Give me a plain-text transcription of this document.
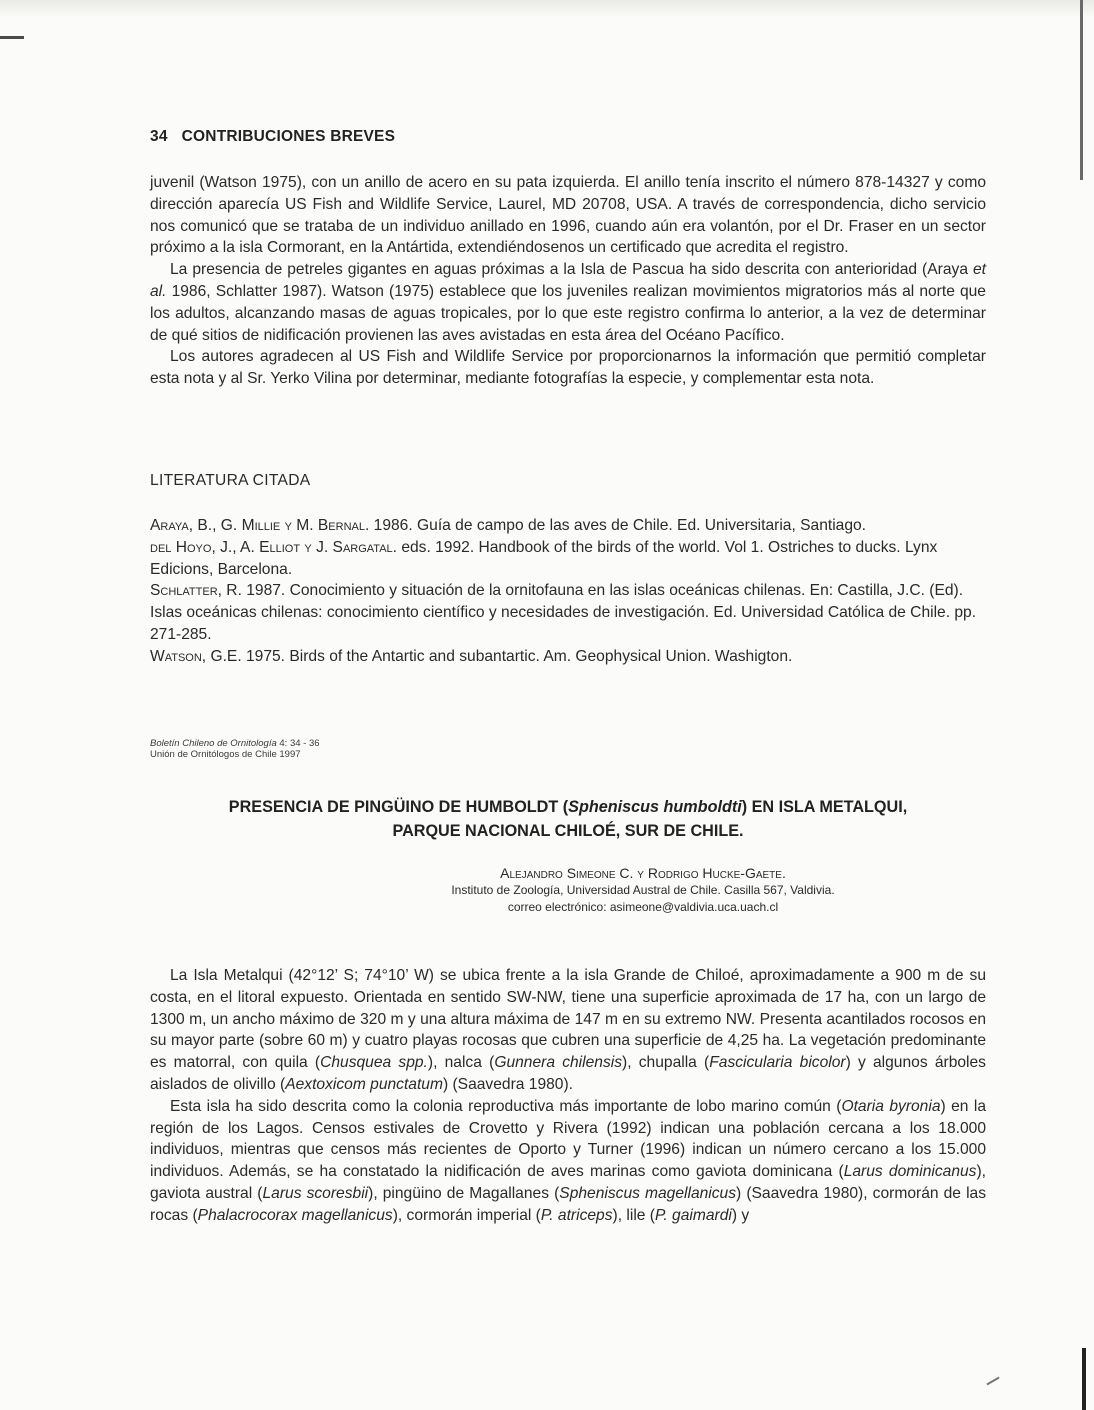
34 CONTRIBUCIONES BREVES

juvenil (Watson 1975), con un anillo de acero en su pata izquierda. El anillo tenía inscrito el número 878-14327 y como dirección aparecía US Fish and Wildlife Service, Laurel, MD 20708, USA. A través de correspondencia, dicho servicio nos comunicó que se trataba de un individuo anillado en 1996, cuando aún era volantón, por el Dr. Fraser en un sector próximo a la isla Cormorant, en la Antártida, extendiéndosenos un certificado que acredita el registro.

La presencia de petreles gigantes en aguas próximas a la Isla de Pascua ha sido descrita con anterioridad (Araya et al. 1986, Schlatter 1987). Watson (1975) establece que los juveniles realizan movimientos migratorios más al norte que los adultos, alcanzando masas de aguas tropicales, por lo que este registro confirma lo anterior, a la vez de determinar de qué sitios de nidificación provienen las aves avistadas en esta área del Océano Pacífico.

Los autores agradecen al US Fish and Wildlife Service por proporcionarnos la información que permitió completar esta nota y al Sr. Yerko Vilina por determinar, mediante fotografías la especie, y complementar esta nota.

LITERATURA CITADA

Araya, B., G. Millie y M. Bernal. 1986. Guía de campo de las aves de Chile. Ed. Universitaria, Santiago.

del Hoyo, J., A. Elliot y J. Sargatal. eds. 1992. Handbook of the birds of the world. Vol 1. Ostriches to ducks. Lynx Edicions, Barcelona.

Schlatter, R. 1987. Conocimiento y situación de la ornitofauna en las islas oceánicas chilenas. En: Castilla, J.C. (Ed). Islas oceánicas chilenas: conocimiento científico y necesidades de investigación. Ed. Universidad Católica de Chile. pp. 271-285.

Watson, G.E. 1975. Birds of the Antartic and subantartic. Am. Geophysical Union. Washigton.

Boletín Chileno de Ornitología 4: 34 - 36
Unión de Ornitólogos de Chile 1997

PRESENCIA DE PINGÜINO DE HUMBOLDT (Spheniscus humboldti) EN ISLA METALQUI,
PARQUE NACIONAL CHILOÉ, SUR DE CHILE.

Alejandro Simeone C. y Rodrigo Hucke-Gaete.
Instituto de Zoología, Universidad Austral de Chile. Casilla 567, Valdivia.
correo electrónico: asimeone@valdivia.uca.uach.cl

La Isla Metalqui (42°12’ S; 74°10’ W) se ubica frente a la isla Grande de Chiloé, aproximadamente a 900 m de su costa, en el litoral expuesto. Orientada en sentido SW-NW, tiene una superficie aproximada de 17 ha, con un largo de 1300 m, un ancho máximo de 320 m y una altura máxima de 147 m en su extremo NW. Presenta acantilados rocosos en su mayor parte (sobre 60 m) y cuatro playas rocosas que cubren una superficie de 4,25 ha. La vegetación predominante es matorral, con quila (Chusquea spp.), nalca (Gunnera chilensis), chupalla (Fascicularia bicolor) y algunos árboles aislados de olivillo (Aextoxicom punctatum) (Saavedra 1980).

Esta isla ha sido descrita como la colonia reproductiva más importante de lobo marino común (Otaria byronia) en la región de los Lagos. Censos estivales de Crovetto y Rivera (1992) indican una población cercana a los 18.000 individuos, mientras que censos más recientes de Oporto y Turner (1996) indican un número cercano a los 15.000 individuos. Además, se ha constatado la nidificación de aves marinas como gaviota dominicana (Larus dominicanus), gaviota austral (Larus scoresbii), pingüino de Magallanes (Spheniscus magellanicus) (Saavedra 1980), cormorán de las rocas (Phalacrocorax magellanicus), cormorán imperial (P. atriceps), lile (P. gaimardi) y
